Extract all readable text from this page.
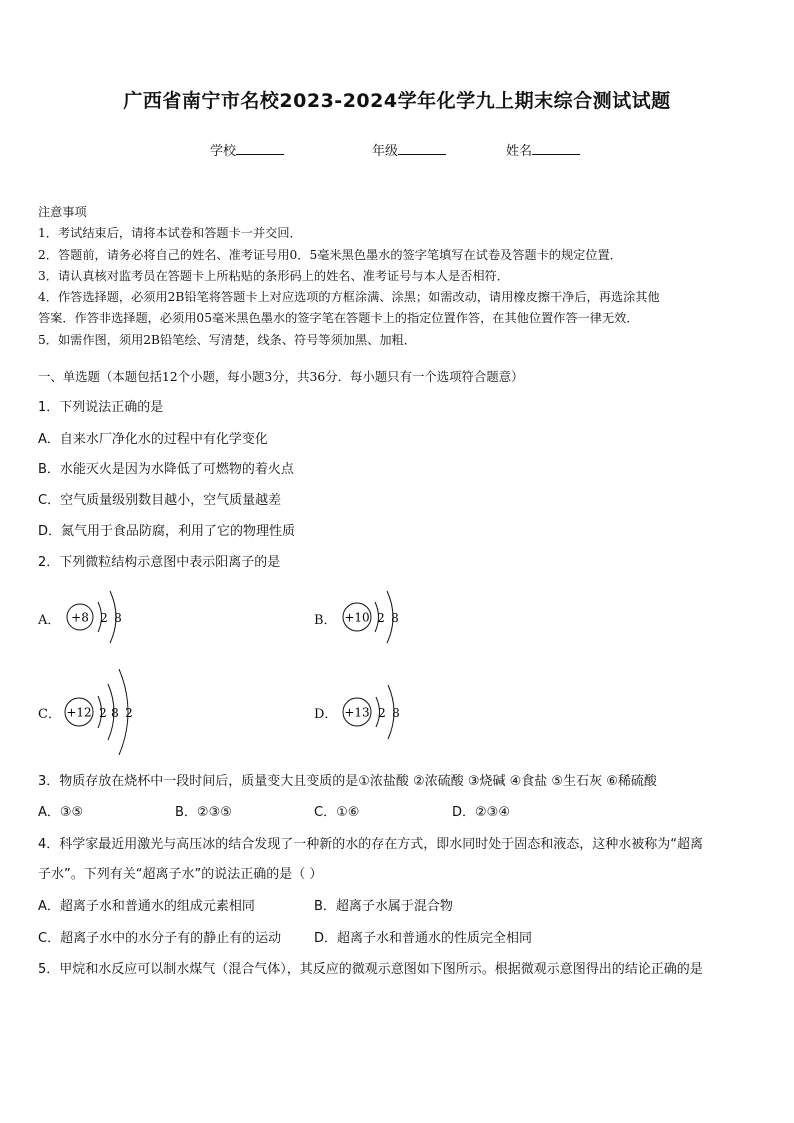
广西省南宁市名校2023-2024学年化学九上期末综合测试试题
学校	年级	姓名
注意事项
1．考试结束后，请将本试卷和答题卡一并交回．
2．答题前，请务必将自己的姓名、准考证号用0．5毫米黑色墨水的签字笔填写在试卷及答题卡的规定位置．
3．请认真核对监考员在答题卡上所粘贴的条形码上的姓名、准考证号与本人是否相符．
4．作答选择题，必须用2B铅笔将答题卡上对应选项的方框涂满、涂黑；如需改动，请用橡皮擦干净后，再选涂其他
答案．作答非选择题，必须用05毫米黑色墨水的签字笔在答题卡上的指定位置作答，在其他位置作答一律无效．
5．如需作图，须用2B铅笔绘、写清楚，线条、符号等须加黑、加粗．
一、单选题（本题包括12个小题，每小题3分，共36分．每小题只有一个选项符合题意）
1．下列说法正确的是
A．自来水厂净化水的过程中有化学变化
B．水能灭火是因为水降低了可燃物的着火点
C．空气质量级别数目越小，空气质量越差
D．氮气用于食品防腐，利用了它的物理性质
2．下列微粒结构示意图中表示阳离子的是
A． +8 2 8	B． +10 2 8
C． +12 2 8 2	D． +13 2 8
3．物质存放在烧杯中一段时间后，质量变大且变质的是①浓盐酸 ②浓硫酸 ③烧碱 ④食盐 ⑤生石灰 ⑥稀硫酸
A．③⑤	B．②③⑤	C．①⑥	D．②③④
4．科学家最近用激光与高压冰的结合发现了一种新的水的存在方式，即水同时处于固态和液态，这种水被称为“超离
子水”。下列有关“超离子水”的说法正确的是（ ）
A．超离子水和普通水的组成元素相同	B．超离子水属于混合物
C．超离子水中的水分子有的静止有的运动	D．超离子水和普通水的性质完全相同
5．甲烷和水反应可以制水煤气（混合气体），其反应的微观示意图如下图所示。根据微观示意图得出的结论正确的是
